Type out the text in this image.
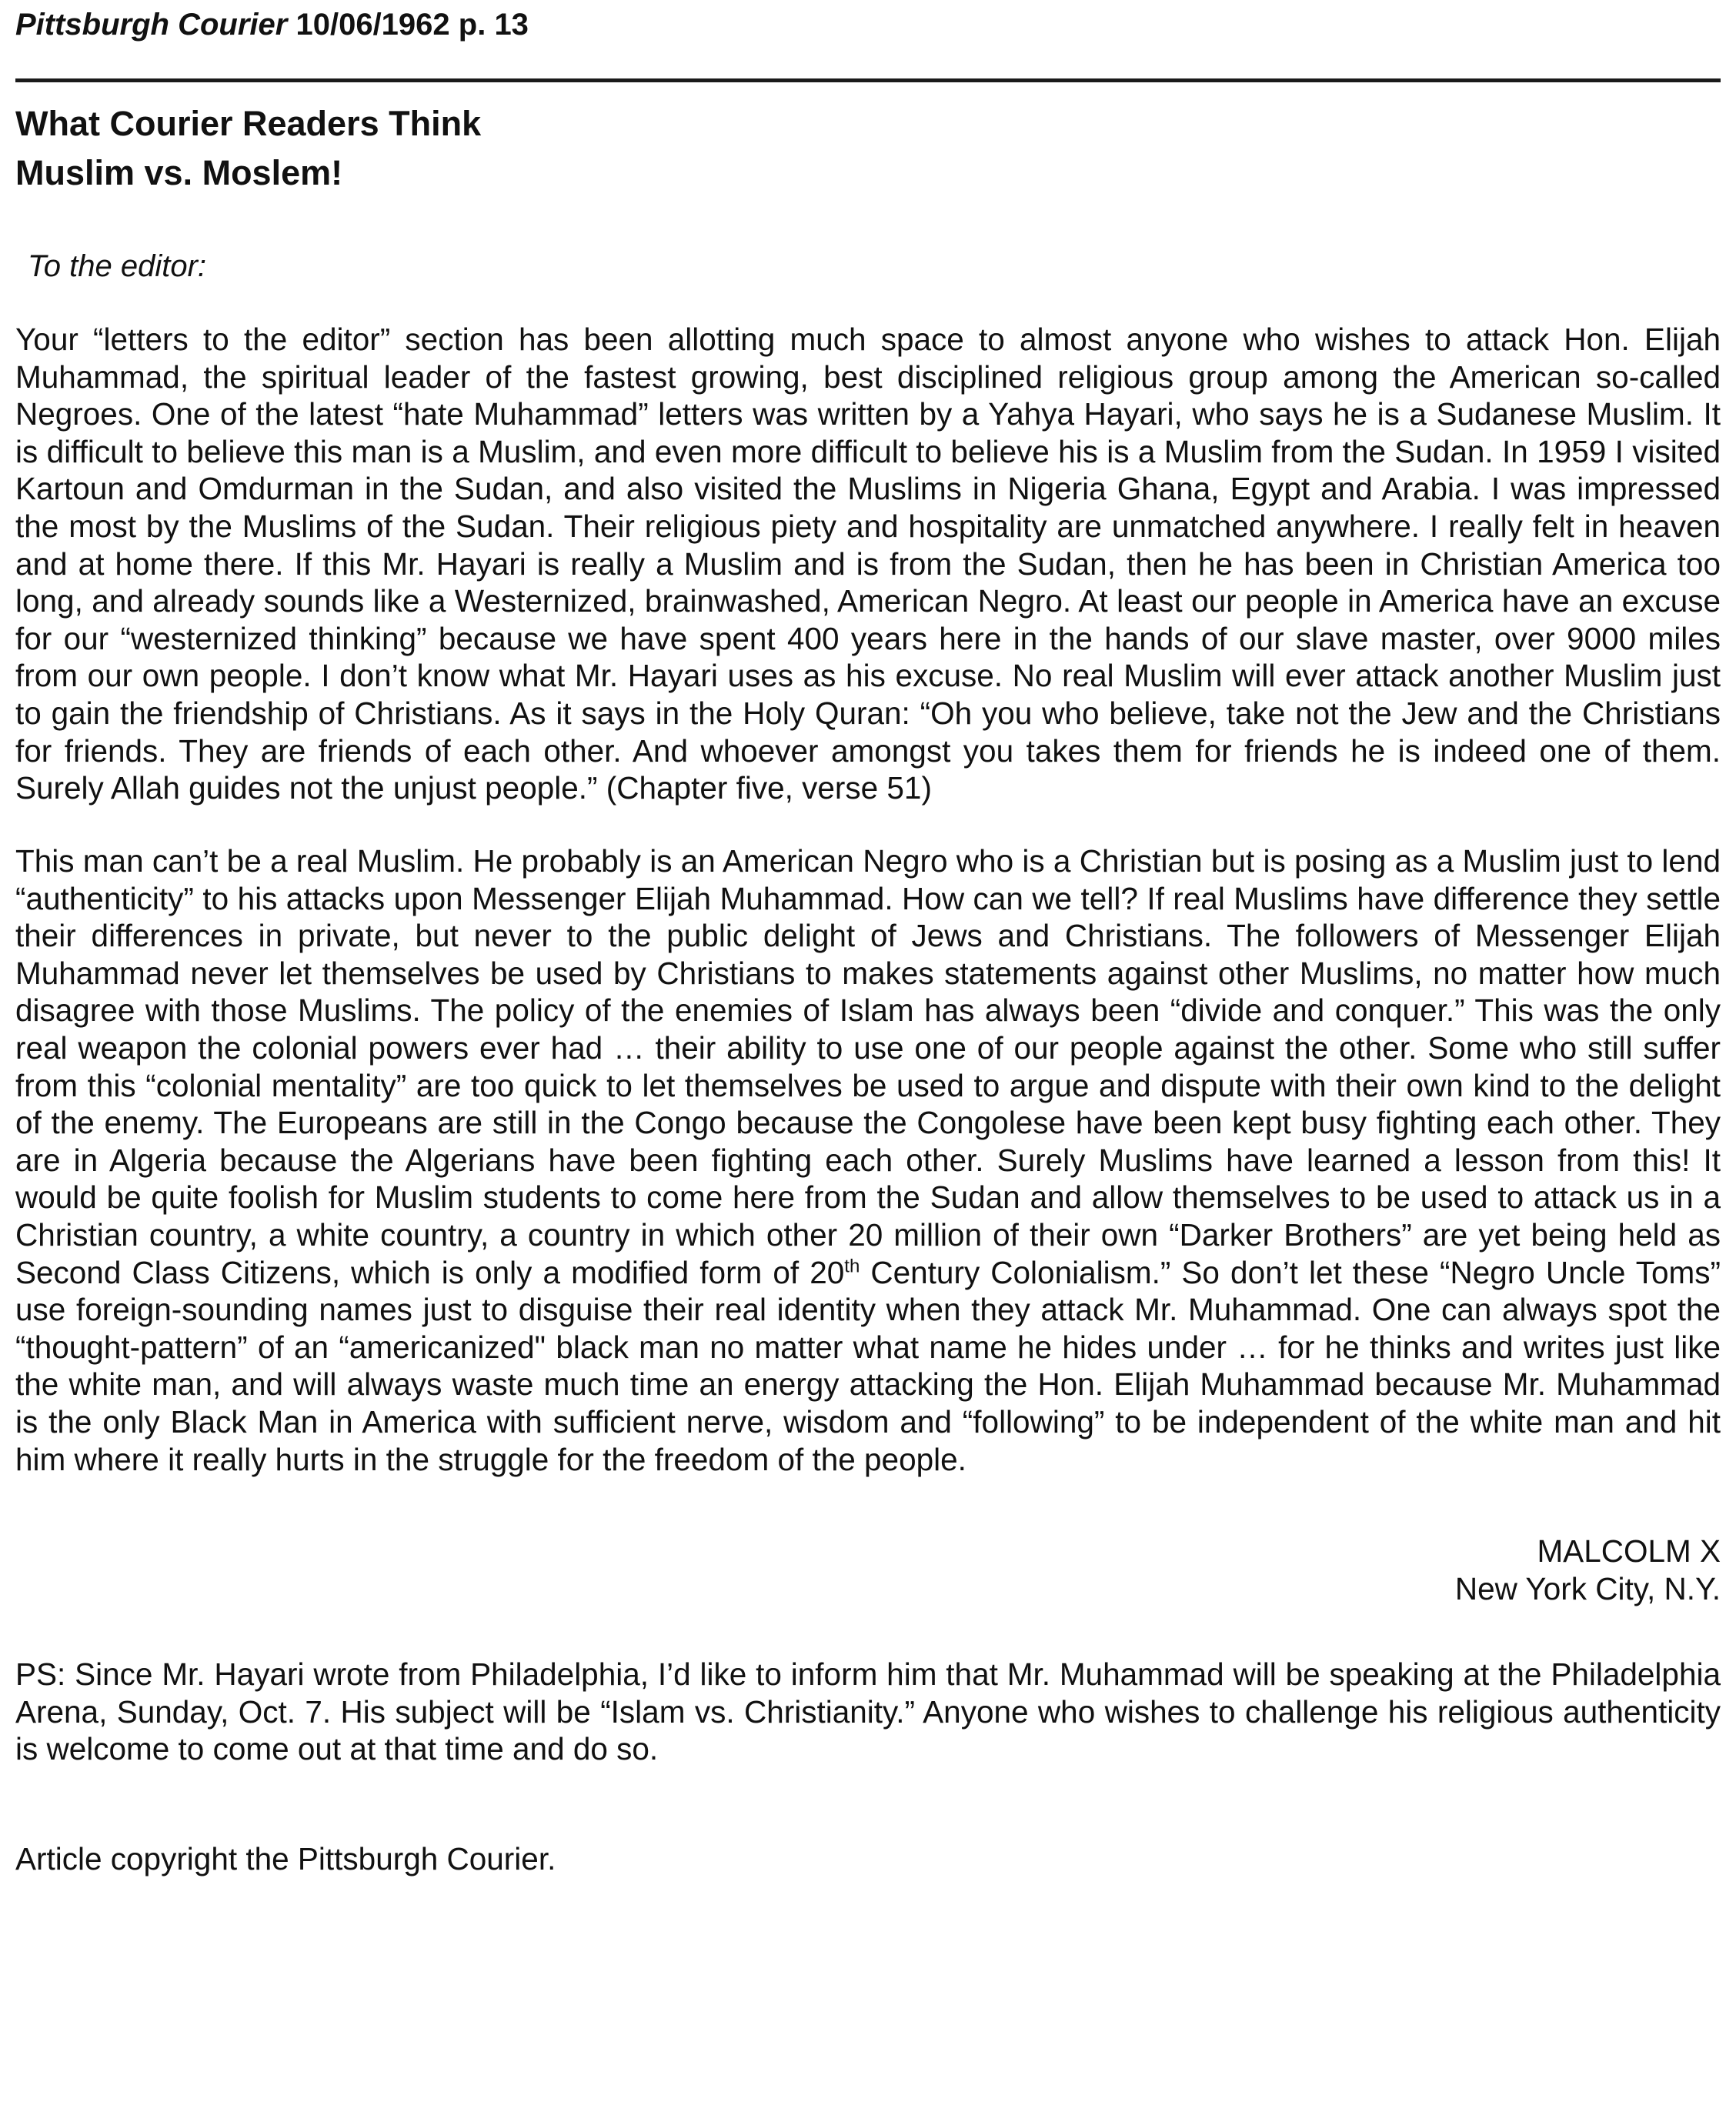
Pittsburgh Courier 10/06/1962 p. 13
What Courier Readers Think
Muslim vs. Moslem!
To the editor:

Your “letters to the editor” section has been allotting much space to almost anyone who wishes to attack Hon. Elijah Muhammad, the spiritual leader of the fastest growing, best disciplined religious group among the American so-called Negroes. One of the latest “hate Muhammad” letters was written by a Yahya Hayari, who says he is a Sudanese Muslim. It is difficult to believe this man is a Muslim, and even more difficult to believe his is a Muslim from the Sudan. In 1959 I visited Kartoun and Omdurman in the Sudan, and also visited the Muslims in Nigeria Ghana, Egypt and Arabia. I was impressed the most by the Muslims of the Sudan. Their religious piety and hospitality are unmatched anywhere. I really felt in heaven and at home there. If this Mr. Hayari is really a Muslim and is from the Sudan, then he has been in Christian America too long, and already sounds like a Westernized, brainwashed, American Negro. At least our people in America have an excuse for our “westernized thinking” because we have spent 400 years here in the hands of our slave master, over 9000 miles from our own people. I don’t know what Mr. Hayari uses as his excuse. No real Muslim will ever attack another Muslim just to gain the friendship of Christians. As it says in the Holy Quran: “Oh you who believe, take not the Jew and the Christians for friends. They are friends of each other. And whoever amongst you takes them for friends he is indeed one of them. Surely Allah guides not the unjust people.” (Chapter five, verse 51)

This man can’t be a real Muslim. He probably is an American Negro who is a Christian but is posing as a Muslim just to lend “authenticity” to his attacks upon Messenger Elijah Muhammad. How can we tell? If real Muslims have difference they settle their differences in private, but never to the public delight of Jews and Christians. The followers of Messenger Elijah Muhammad never let themselves be used by Christians to makes statements against other Muslims, no matter how much disagree with those Muslims. The policy of the enemies of Islam has always been “divide and conquer.” This was the only real weapon the colonial powers ever had … their ability to use one of our people against the other. Some who still suffer from this “colonial mentality” are too quick to let themselves be used to argue and dispute with their own kind to the delight of the enemy. The Europeans are still in the Congo because the Congolese have been kept busy fighting each other. They are in Algeria because the Algerians have been fighting each other. Surely Muslims have learned a lesson from this! It would be quite foolish for Muslim students to come here from the Sudan and allow themselves to be used to attack us in a Christian country, a white country, a country in which other 20 million of their own “Darker Brothers” are yet being held as Second Class Citizens, which is only a modified form of 20th Century Colonialism.” So don’t let these “Negro Uncle Toms” use foreign-sounding names just to disguise their real identity when they attack Mr. Muhammad. One can always spot the “thought-pattern” of an “americanized" black man no matter what name he hides under … for he thinks and writes just like the white man, and will always waste much time an energy attacking the Hon. Elijah Muhammad because Mr. Muhammad is the only Black Man in America with sufficient nerve, wisdom and “following” to be independent of the white man and hit him where it really hurts in the struggle for the freedom of the people.

MALCOLM X
New York City, N.Y.

PS: Since Mr. Hayari wrote from Philadelphia, I’d like to inform him that Mr. Muhammad will be speaking at the Philadelphia Arena, Sunday, Oct. 7. His subject will be “Islam vs. Christianity.” Anyone who wishes to challenge his religious authenticity is welcome to come out at that time and do so.

Article copyright the Pittsburgh Courier.
